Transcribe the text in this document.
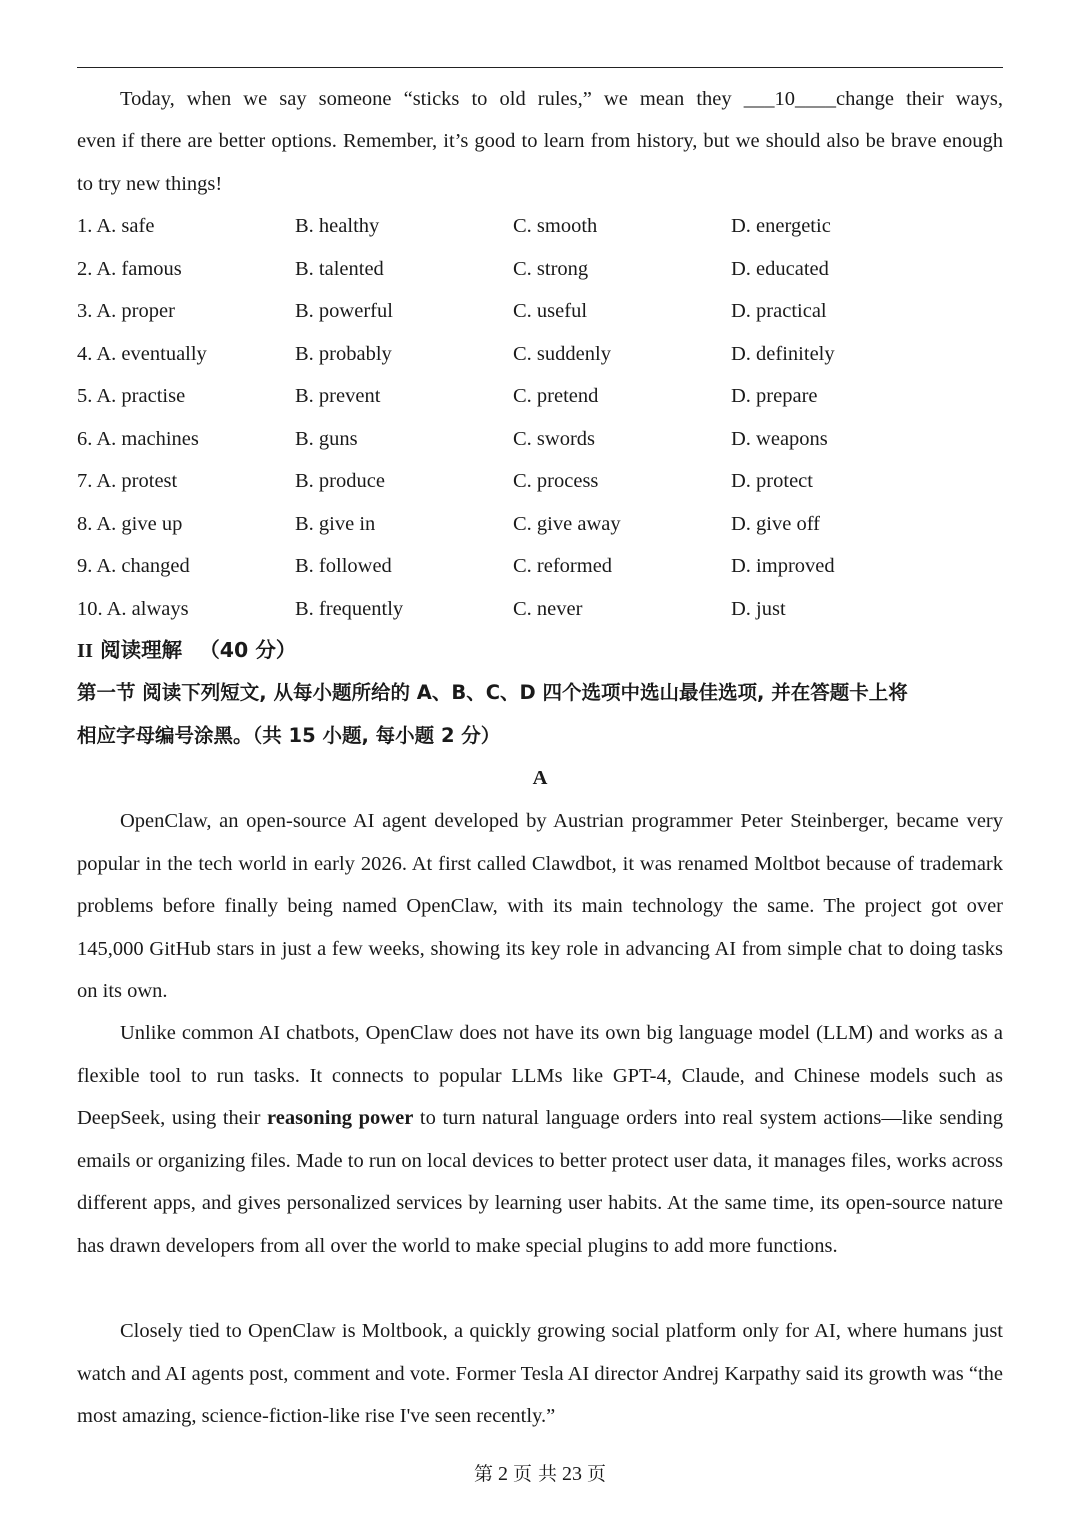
Today, when we say someone “sticks to old rules,” we mean they ___10____change their ways,
even if there are better options. Remember, it’s good to learn from history, but we should also be brave enough to try new things!
1. A. safe	B. healthy	C. smooth	D. energetic
2. A. famous	B. talented	C. strong	D. educated
3. A. proper	B. powerful	C. useful	D. practical
4. A. eventually	B. probably	C. suddenly	D. definitely
5. A. practise	B. prevent	C. pretend	D. prepare
6. A. machines	B. guns	C. swords	D. weapons
7. A. protest	B. produce	C. process	D. protect
8. A. give up	B. give in	C. give away	D. give off
9. A. changed	B. followed	C. reformed	D. improved
10. A. always	B. frequently	C. never	D. just
II 阅读理解 （40 分）
第一节 阅读下列短文, 从每小题所给的 A、B、C、D 四个选项中选山最佳选项, 并在答题卡上将
相应字母编号涂黑。（共 15 小题, 每小题 2 分）
A
OpenClaw, an open-source AI agent developed by Austrian programmer Peter Steinberger, became very popular in the tech world in early 2026. At first called Clawdbot, it was renamed Moltbot because of trademark problems before finally being named OpenClaw, with its main technology the same. The project got over 145,000 GitHub stars in just a few weeks, showing its key role in advancing AI from simple chat to doing tasks on its own.
Unlike common AI chatbots, OpenClaw does not have its own big language model (LLM) and works as a flexible tool to run tasks. It connects to popular LLMs like GPT-4, Claude, and Chinese models such as DeepSeek, using their reasoning power to turn natural language orders into real system actions—like sending emails or organizing files. Made to run on local devices to better protect user data, it manages files, works across different apps, and gives personalized services by learning user habits. At the same time, its open-source nature has drawn developers from all over the world to make special plugins to add more functions.
Closely tied to OpenClaw is Moltbook, a quickly growing social platform only for AI, where humans just watch and AI agents post, comment and vote. Former Tesla AI director Andrej Karpathy said its growth was “the most amazing, science-fiction-like rise I've seen recently.”
第 2 页 共 23 页
